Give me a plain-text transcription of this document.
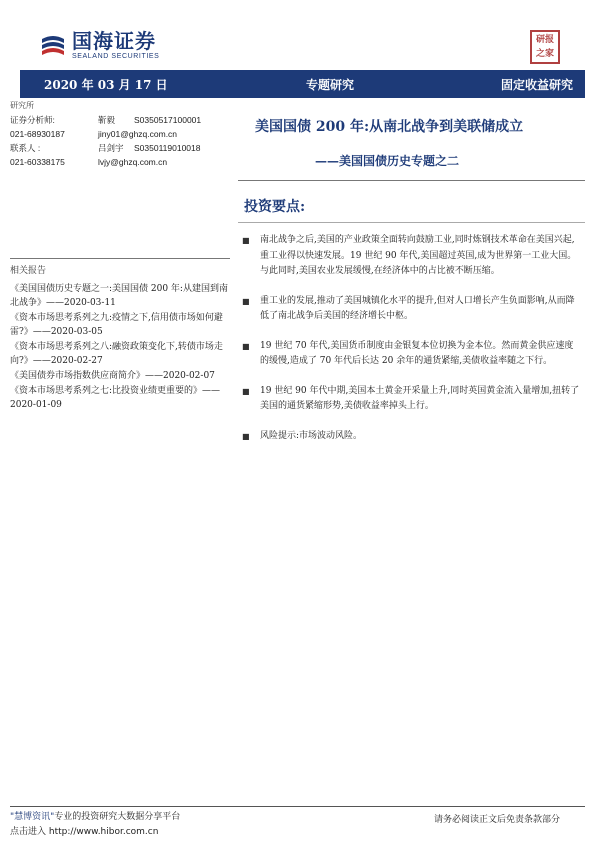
国海证券
SEALAND SECURITIES
研报 之家
2020 年 03 月 17 日	专题研究	固定收益研究
研究所
证券分析师:	靳毅	S0350517100001
021-68930187	jiny01@ghzq.com.cn
联系人 :	吕剑宇	S0350119010018
021-60338175	lvjy@ghzq.com.cn
相关报告
《美国国债历史专题之一:美国国债 200 年:从建国到南北战争》——2020-03-11
《资本市场思考系列之九:疫情之下,信用债市场如何避雷?》——2020-03-05
《资本市场思考系列之八:融资政策变化下,转债市场走向?》——2020-02-27
《美国债券市场指数供应商简介》——2020-02-07
《资本市场思考系列之七:比投资业绩更重要的》——2020-01-09
美国国债 200 年:从南北战争到美联储成立
——美国国债历史专题之二
投资要点:
■	南北战争之后,美国的产业政策全面转向鼓励工业,同时炼钢技术革命在美国兴起,重工业得以快速发展。19 世纪 90 年代,美国超过英国,成为世界第一工业大国。与此同时,美国农业发展缓慢,在经济体中的占比被不断压缩。
■	重工业的发展,推动了美国城镇化水平的提升,但对人口增长产生负面影响,从而降低了南北战争后美国的经济增长中枢。
■	19 世纪 70 年代,美国货币制度由金银复本位切换为金本位。然而黄金供应速度的缓慢,造成了 70 年代后长达 20 余年的通货紧缩,美债收益率随之下行。
■	19 世纪 90 年代中期,美国本土黄金开采量上升,同时英国黄金流入量增加,扭转了美国的通货紧缩形势,美债收益率掉头上行。
■	风险提示:市场波动风险。
"慧博资讯"专业的投资研究大数据分享平台
点击进入 http://www.hibor.com.cn
请务必阅读正文后免责条款部分
